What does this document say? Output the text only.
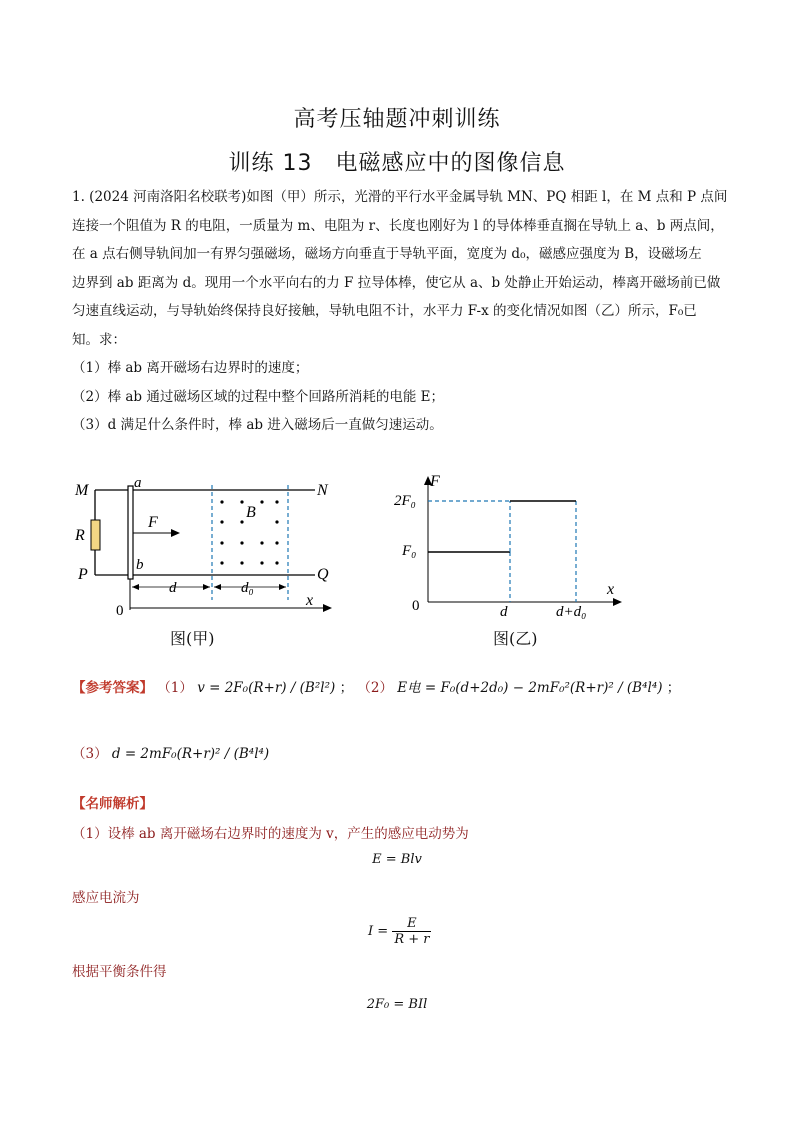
高考压轴题冲刺训练
训练 13　电磁感应中的图像信息
1. (2024 河南洛阳名校联考)如图（甲）所示，光滑的平行水平金属导轨 MN、PQ 相距 l，在 M 点和 P 点间
连接一个阻值为 R 的电阻，一质量为 m、电阻为 r、长度也刚好为 l 的导体棒垂直搁在导轨上 a、b 两点间，
在 a 点右侧导轨间加一有界匀强磁场，磁场方向垂直于导轨平面，宽度为 d₀，磁感应强度为 B，设磁场左
边界到 ab 距离为 d。现用一个水平向右的力 F 拉导体棒，使它从 a、b 处静止开始运动，棒离开磁场前已做
匀速直线运动，与导轨始终保持良好接触，导轨电阻不计，水平力 F-x 的变化情况如图（乙）所示，F₀已
知。求：
（1）棒 ab 离开磁场右边界时的速度；
（2）棒 ab 通过磁场区域的过程中整个回路所消耗的电能 E；
（3）d 满足什么条件时，棒 ab 进入磁场后一直做匀速运动。
M	N
P	Q
a
b
R
F
B
d	d₀
0
x
图(甲)
F
x
0	d	d+d₀
F₀
2F₀
图(乙)
【参考答案】 （1） v = 2F₀(R+r) / (B²l²) ； （2） E电 = F₀(d+2d₀) − 2mF₀²(R+r)² / (B⁴l⁴) ；
（3） d = 2mF₀(R+r)² / (B⁴l⁴)
【名师解析】
（1）设棒 ab 离开磁场右边界时的速度为 v，产生的感应电动势为
E = Blv
感应电流为
$I = \frac{E}{R + r}$
根据平衡条件得
2F₀ = BIl
